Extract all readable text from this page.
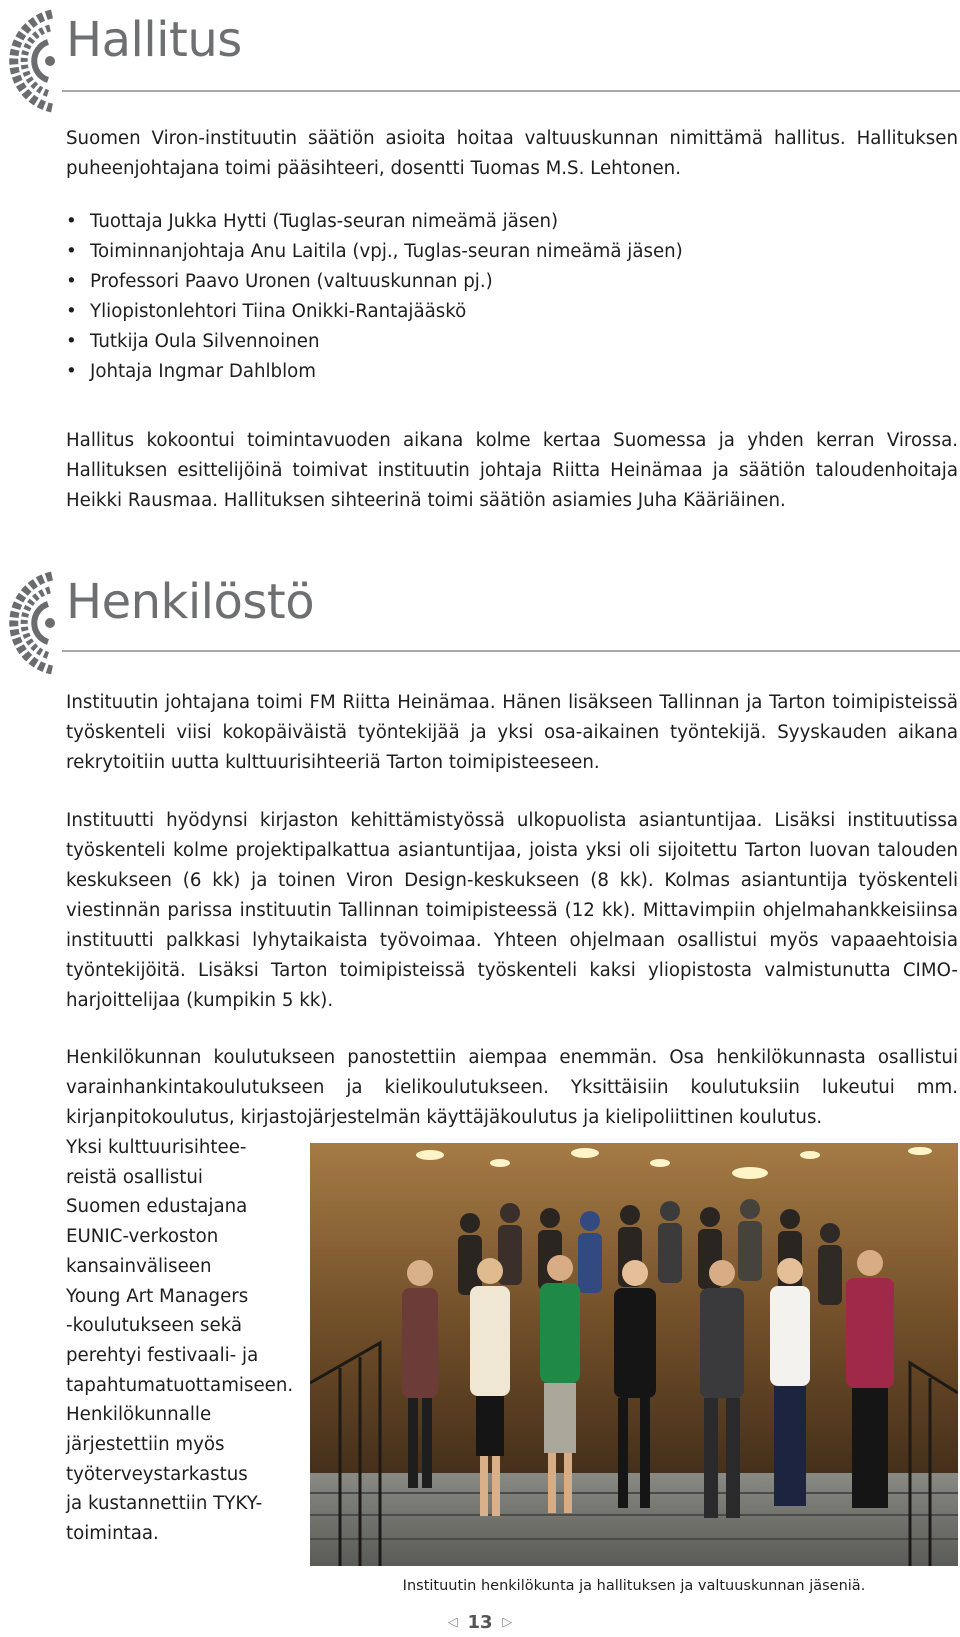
Hallitus

Suomen Viron-instituutin säätiön asioita hoitaa valtuuskunnan nimittämä hallitus. Hallituksen puheenjohtajana toimi pääsihteeri, dosentti Tuomas M.S. Lehtonen.

• Tuottaja Jukka Hytti (Tuglas-seuran nimeämä jäsen)
• Toiminnanjohtaja Anu Laitila (vpj., Tuglas-seuran nimeämä jäsen)
• Professori Paavo Uronen (valtuuskunnan pj.)
• Yliopistonlehtori Tiina Onikki-Rantajääskö
• Tutkija Oula Silvennoinen
• Johtaja Ingmar Dahlblom

Hallitus kokoontui toimintavuoden aikana kolme kertaa Suomessa ja yhden kerran Virossa. Hallituksen esittelijöinä toimivat instituutin johtaja Riitta Heinämaa ja säätiön taloudenhoitaja Heikki Rausmaa. Hallituksen sihteerinä toimi säätiön asiamies Juha Kääriäinen.

Henkilöstö

Instituutin johtajana toimi FM Riitta Heinämaa. Hänen lisäkseen Tallinnan ja Tarton toimipisteissä työskenteli viisi kokopäiväistä työntekijää ja yksi osa-aikainen työntekijä. Syyskauden aikana rekrytoitiin uutta kulttuurisihteeriä Tarton toimipisteeseen.

Instituutti hyödynsi kirjaston kehittämistyössä ulkopuolista asiantuntijaa. Lisäksi instituutissa työskenteli kolme projektipalkattua asiantuntijaa, joista yksi oli sijoitettu Tarton luovan talouden keskukseen (6 kk) ja toinen Viron Design-keskukseen (8 kk). Kolmas asiantuntija työskenteli viestinnän parissa instituutin Tallinnan toimipisteessä (12 kk). Mittavimpiin ohjelmahankkeisiinsa instituutti palkkasi lyhytaikaista työvoimaa. Yhteen ohjelmaan osallistui myös vapaaehtoisia työntekijöitä. Lisäksi Tarton toimipisteissä työskenteli kaksi yliopistosta valmistunutta CIMO-harjoittelijaa (kumpikin 5 kk).

Henkilökunnan koulutukseen panostettiin aiempaa enemmän. Osa henkilökunnasta osallistui varainhankintakoulutukseen ja kielikoulutukseen. Yksittäisiin koulutuksiin lukeutui mm. kirjanpitokoulutus, kirjastojärjestelmän käyttäjäkoulutus ja kielipoliittinen koulutus.

Yksi kulttuurisihtee-
reistä osallistui
Suomen edustajana
EUNIC-verkoston
kansainväliseen
Young Art Managers
-koulutukseen sekä
perehtyi festivaali- ja
tapahtumatuottamiseen.
Henkilökunnalle
järjestettiin myös
työterveystarkastus
ja kustannettiin TYKY-
toimintaa.

Instituutin henkilökunta ja hallituksen ja valtuuskunnan jäseniä.

◁ 13 ▷
